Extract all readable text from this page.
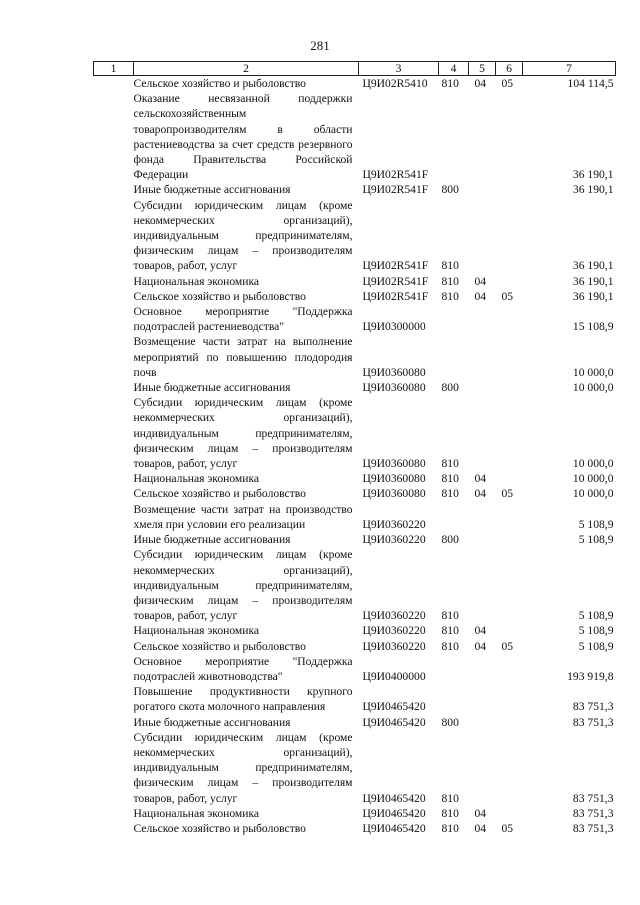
281
1	2	3	4	5	6	7
	Сельское хозяйство и рыболовство	Ц9И02R5410	810	04	05	104 114,5
	Оказание несвязанной поддержки сельскохозяйственным товаропроизводителям в области растениеводства за счет средств резервного фонда Правительства Российской Федерации	Ц9И02R541F				36 190,1
	Иные бюджетные ассигнования	Ц9И02R541F	800			36 190,1
	Субсидии юридическим лицам (кроме некоммерческих организаций), индивидуальным предпринимателям, физическим лицам – производителям товаров, работ, услуг	Ц9И02R541F	810			36 190,1
	Национальная экономика	Ц9И02R541F	810	04		36 190,1
	Сельское хозяйство и рыболовство	Ц9И02R541F	810	04	05	36 190,1
	Основное мероприятие "Поддержка подотраслей растениеводства"	Ц9И0300000				15 108,9
	Возмещение части затрат на выполнение мероприятий по повышению плодородия почв	Ц9И0360080				10 000,0
	Иные бюджетные ассигнования	Ц9И0360080	800			10 000,0
	Субсидии юридическим лицам (кроме некоммерческих организаций), индивидуальным предпринимателям, физическим лицам – производителям товаров, работ, услуг	Ц9И0360080	810			10 000,0
	Национальная экономика	Ц9И0360080	810	04		10 000,0
	Сельское хозяйство и рыболовство	Ц9И0360080	810	04	05	10 000,0
	Возмещение части затрат на производство хмеля при условии его реализации	Ц9И0360220				5 108,9
	Иные бюджетные ассигнования	Ц9И0360220	800			5 108,9
	Субсидии юридическим лицам (кроме некоммерческих организаций), индивидуальным предпринимателям, физическим лицам – производителям товаров, работ, услуг	Ц9И0360220	810			5 108,9
	Национальная экономика	Ц9И0360220	810	04		5 108,9
	Сельское хозяйство и рыболовство	Ц9И0360220	810	04	05	5 108,9
	Основное мероприятие "Поддержка подотраслей животноводства"	Ц9И0400000				193 919,8
	Повышение продуктивности крупного рогатого скота молочного направления	Ц9И0465420				83 751,3
	Иные бюджетные ассигнования	Ц9И0465420	800			83 751,3
	Субсидии юридическим лицам (кроме некоммерческих организаций), индивидуальным предпринимателям, физическим лицам – производителям товаров, работ, услуг	Ц9И0465420	810			83 751,3
	Национальная экономика	Ц9И0465420	810	04		83 751,3
	Сельское хозяйство и рыболовство	Ц9И0465420	810	04	05	83 751,3
